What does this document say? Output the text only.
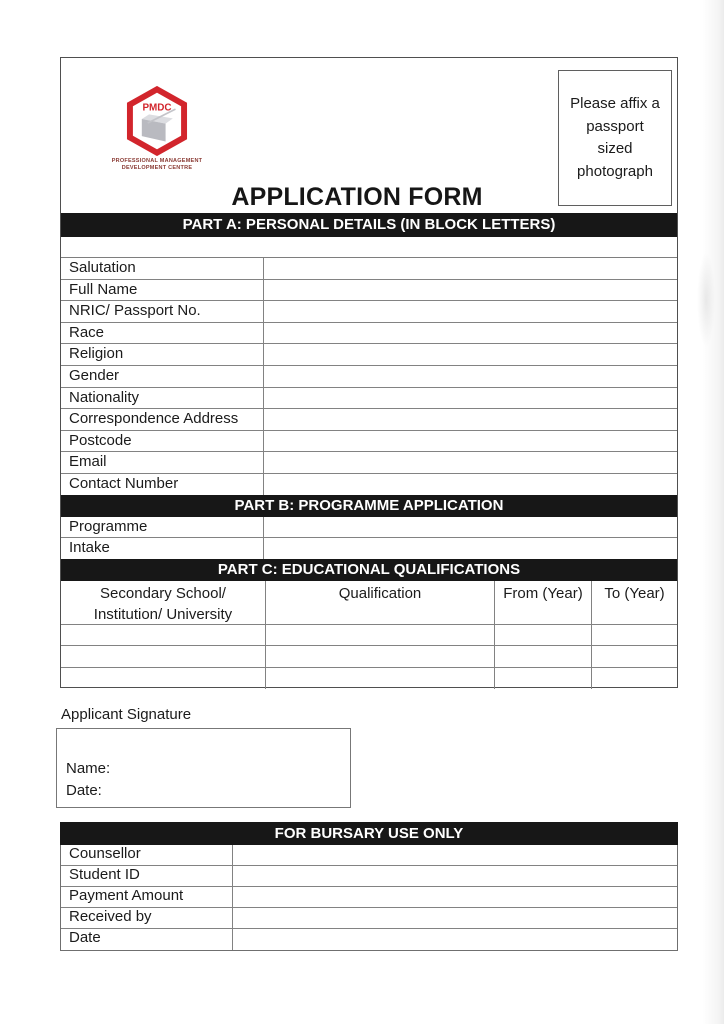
PMDC
PROFESSIONAL MANAGEMENT
DEVELOPMENT CENTRE
Please affix a passport sized photograph
APPLICATION FORM
PART A: PERSONAL DETAILS (IN BLOCK LETTERS)
Salutation
Full Name
NRIC/ Passport No.
Race
Religion
Gender
Nationality
Correspondence Address
Postcode
Email
Contact Number
PART B: PROGRAMME APPLICATION
Programme
Intake
PART C: EDUCATIONAL QUALIFICATIONS
Secondary School/
Institution/ University
Qualification	From (Year)	To (Year)
Applicant Signature
Name:
Date:
FOR BURSARY USE ONLY
Counsellor
Student ID
Payment Amount
Received by
Date
